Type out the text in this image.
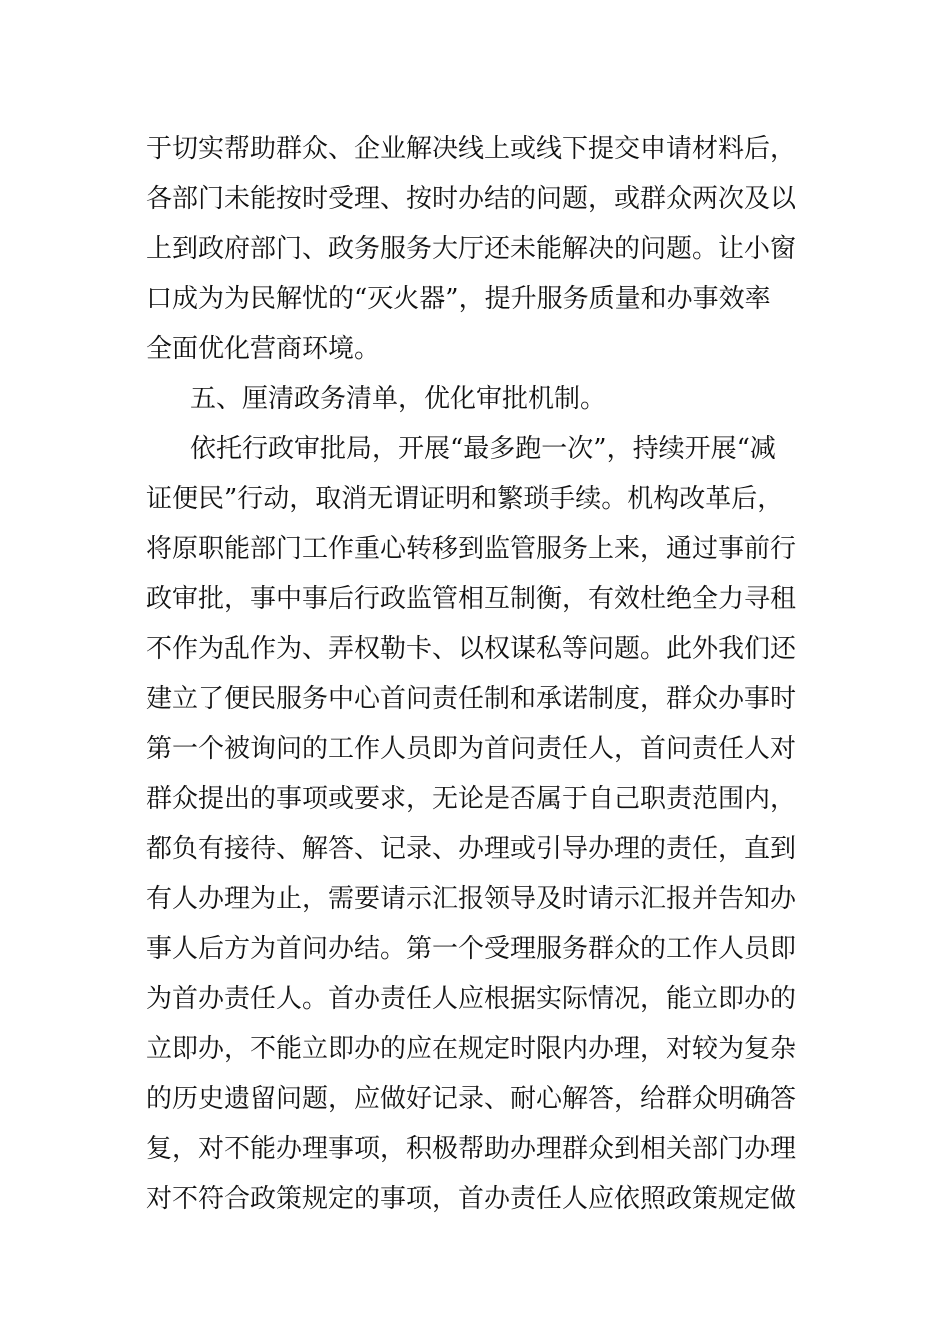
于切实帮助群众、企业解决线上或线下提交申请材料后，
各部门未能按时受理、按时办结的问题，或群众两次及以
上到政府部门、政务服务大厅还未能解决的问题。让小窗
口成为为民解忧的“灭火器”，提升服务质量和办事效率
全面优化营商环境。
五、厘清政务清单，优化审批机制。
依托行政审批局，开展“最多跑一次”，持续开展“减
证便民”行动，取消无谓证明和繁琐手续。机构改革后，
将原职能部门工作重心转移到监管服务上来，通过事前行
政审批，事中事后行政监管相互制衡，有效杜绝全力寻租
不作为乱作为、弄权勒卡、以权谋私等问题。此外我们还
建立了便民服务中心首问责任制和承诺制度，群众办事时
第一个被询问的工作人员即为首问责任人，首问责任人对
群众提出的事项或要求，无论是否属于自己职责范围内，
都负有接待、解答、记录、办理或引导办理的责任，直到
有人办理为止，需要请示汇报领导及时请示汇报并告知办
事人后方为首问办结。第一个受理服务群众的工作人员即
为首办责任人。首办责任人应根据实际情况，能立即办的
立即办，不能立即办的应在规定时限内办理，对较为复杂
的历史遗留问题，应做好记录、耐心解答，给群众明确答
复，对不能办理事项，积极帮助办理群众到相关部门办理
对不符合政策规定的事项，首办责任人应依照政策规定做
